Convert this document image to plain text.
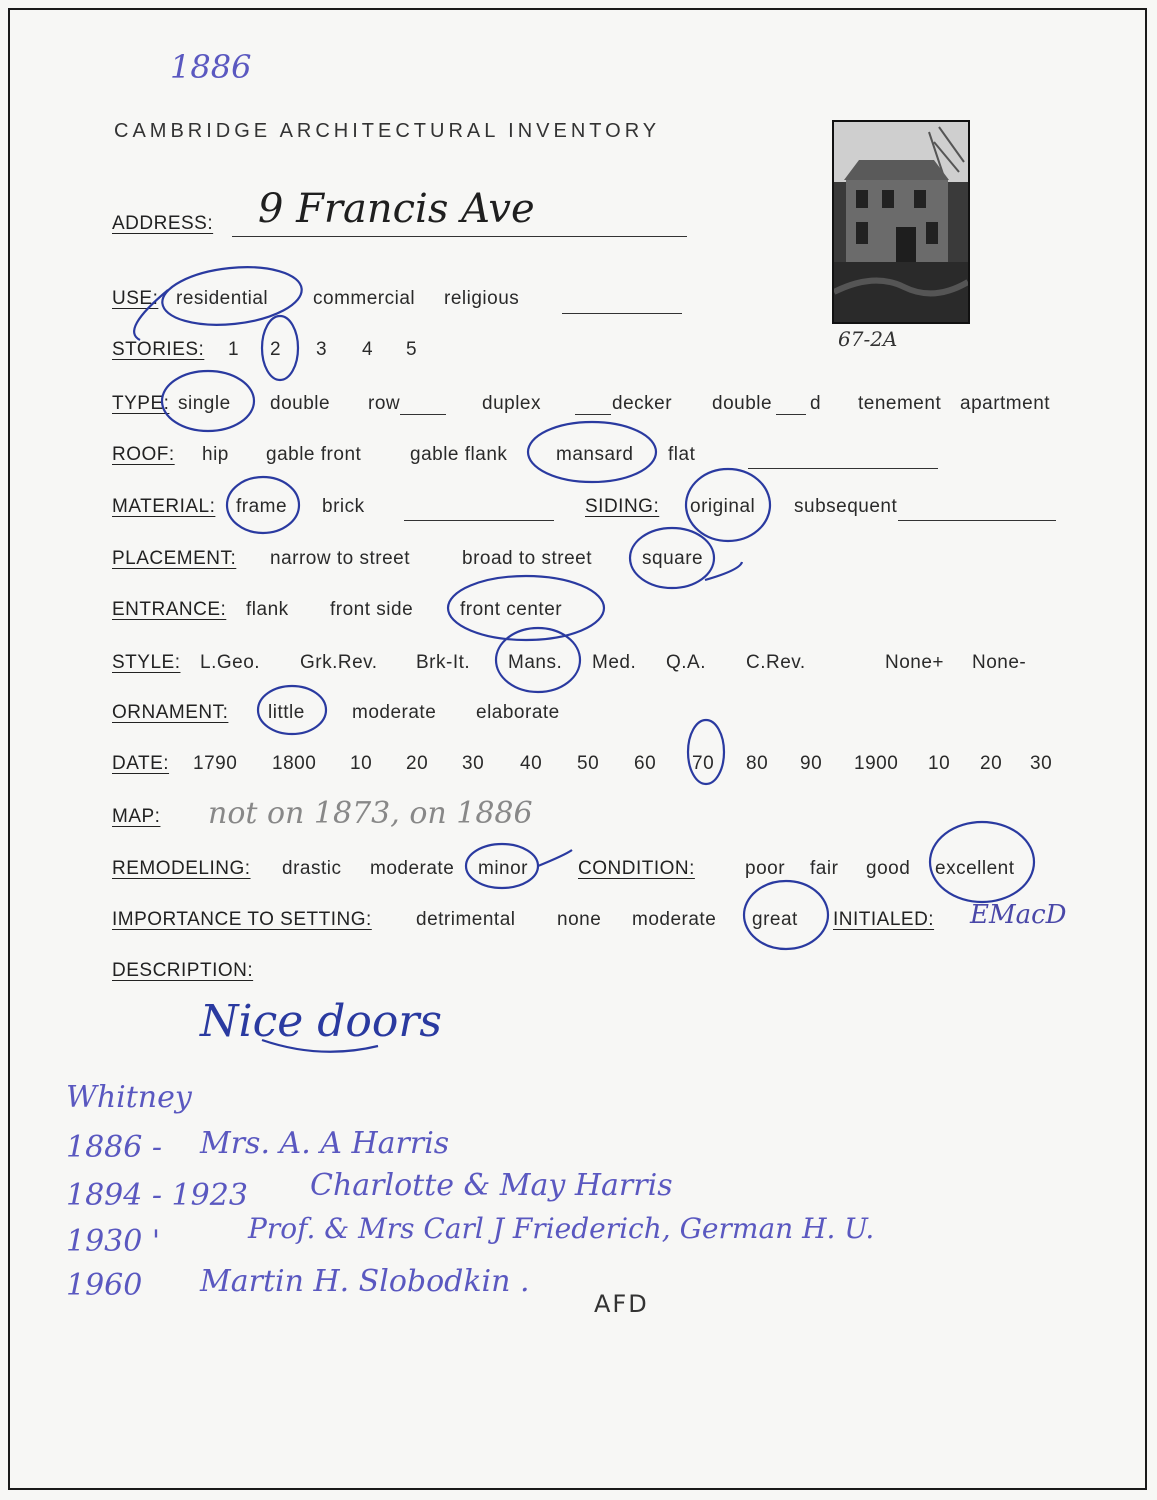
1886
CAMBRIDGE ARCHITECTURAL INVENTORY
67-2A
ADDRESS: 9 Francis Ave
USE: residential commercial religious
STORIES: 1 2 3 4 5
TYPE: single double row	duplex	decker double d tenement apartment
ROOF: hip gable front	gable flank	mansard flat
MATERIAL: frame brick	SIDING: original subsequent
PLACEMENT: narrow to street	broad to street	square
ENTRANCE: flank front side front center
STYLE: L.Geo. Grk.Rev. Brk-It. Mans. Med. Q.A. C.Rev.	None+ None-
ORNAMENT: little moderate elaborate
DATE: 1790 1800 10 20 30 40 50 60 70 80 90 1900 10 20 30
MAP: not on 1873, on 1886
REMODELING: drastic moderate minor	CONDITION:	poor fair good excellent
IMPORTANCE TO SETTING: detrimental none moderate great INITIALED: EMacD
DESCRIPTION:
Nice doors
Whitney
1886 - Mrs. A. A Harris
1894 - 1923 Charlotte & May Harris
1930 '	Prof. & Mrs Carl J Friederich, German H. U.
1960 Martin H. Slobodkin .
AFD
